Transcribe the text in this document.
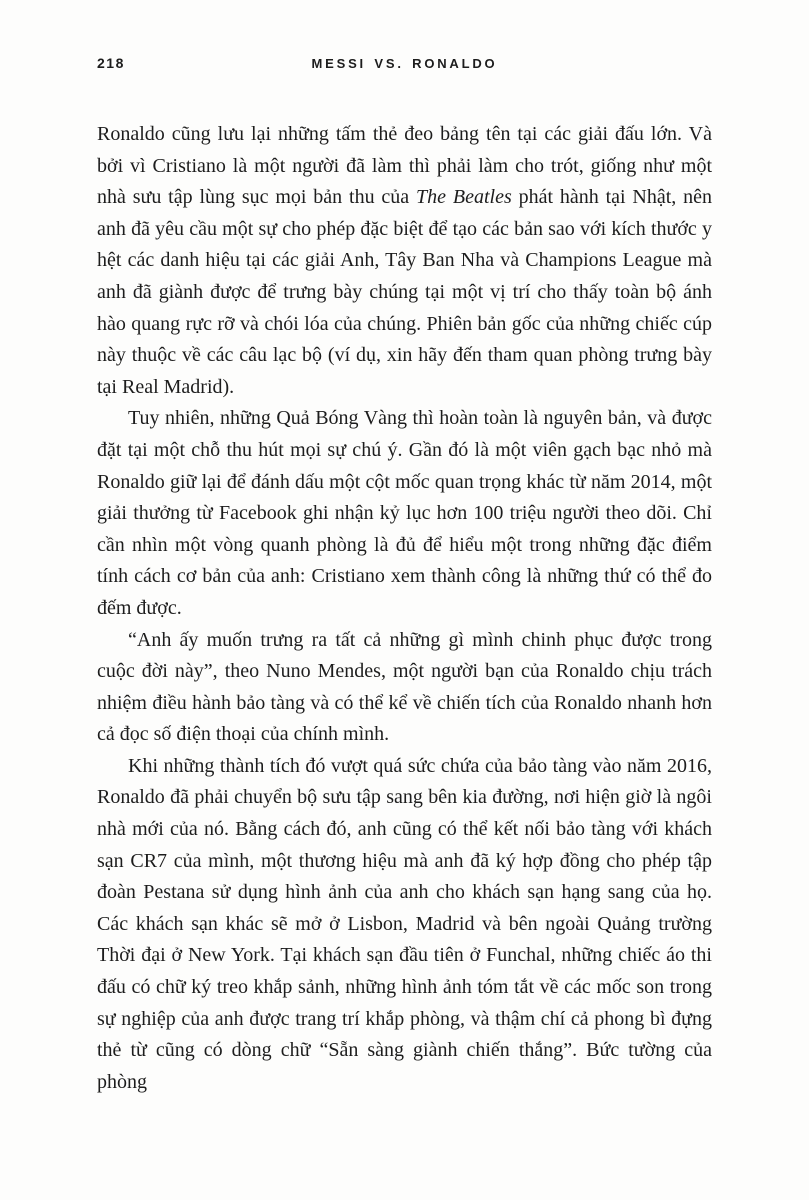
218	MESSI VS. RONALDO

Ronaldo cũng lưu lại những tấm thẻ đeo bảng tên tại các giải đấu lớn. Và bởi vì Cristiano là một người đã làm thì phải làm cho trót, giống như một nhà sưu tập lùng sục mọi bản thu của The Beatles phát hành tại Nhật, nên anh đã yêu cầu một sự cho phép đặc biệt để tạo các bản sao với kích thước y hệt các danh hiệu tại các giải Anh, Tây Ban Nha và Champions League mà anh đã giành được để trưng bày chúng tại một vị trí cho thấy toàn bộ ánh hào quang rực rỡ và chói lóa của chúng. Phiên bản gốc của những chiếc cúp này thuộc về các câu lạc bộ (ví dụ, xin hãy đến tham quan phòng trưng bày tại Real Madrid).

Tuy nhiên, những Quả Bóng Vàng thì hoàn toàn là nguyên bản, và được đặt tại một chỗ thu hút mọi sự chú ý. Gần đó là một viên gạch bạc nhỏ mà Ronaldo giữ lại để đánh dấu một cột mốc quan trọng khác từ năm 2014, một giải thưởng từ Facebook ghi nhận kỷ lục hơn 100 triệu người theo dõi. Chỉ cần nhìn một vòng quanh phòng là đủ để hiểu một trong những đặc điểm tính cách cơ bản của anh: Cristiano xem thành công là những thứ có thể đo đếm được.

“Anh ấy muốn trưng ra tất cả những gì mình chinh phục được trong cuộc đời này”, theo Nuno Mendes, một người bạn của Ronaldo chịu trách nhiệm điều hành bảo tàng và có thể kể về chiến tích của Ronaldo nhanh hơn cả đọc số điện thoại của chính mình.

Khi những thành tích đó vượt quá sức chứa của bảo tàng vào năm 2016, Ronaldo đã phải chuyển bộ sưu tập sang bên kia đường, nơi hiện giờ là ngôi nhà mới của nó. Bằng cách đó, anh cũng có thể kết nối bảo tàng với khách sạn CR7 của mình, một thương hiệu mà anh đã ký hợp đồng cho phép tập đoàn Pestana sử dụng hình ảnh của anh cho khách sạn hạng sang của họ. Các khách sạn khác sẽ mở ở Lisbon, Madrid và bên ngoài Quảng trường Thời đại ở New York. Tại khách sạn đầu tiên ở Funchal, những chiếc áo thi đấu có chữ ký treo khắp sảnh, những hình ảnh tóm tắt về các mốc son trong sự nghiệp của anh được trang trí khắp phòng, và thậm chí cả phong bì đựng thẻ từ cũng có dòng chữ “Sẵn sàng giành chiến thắng”. Bức tường của phòng
